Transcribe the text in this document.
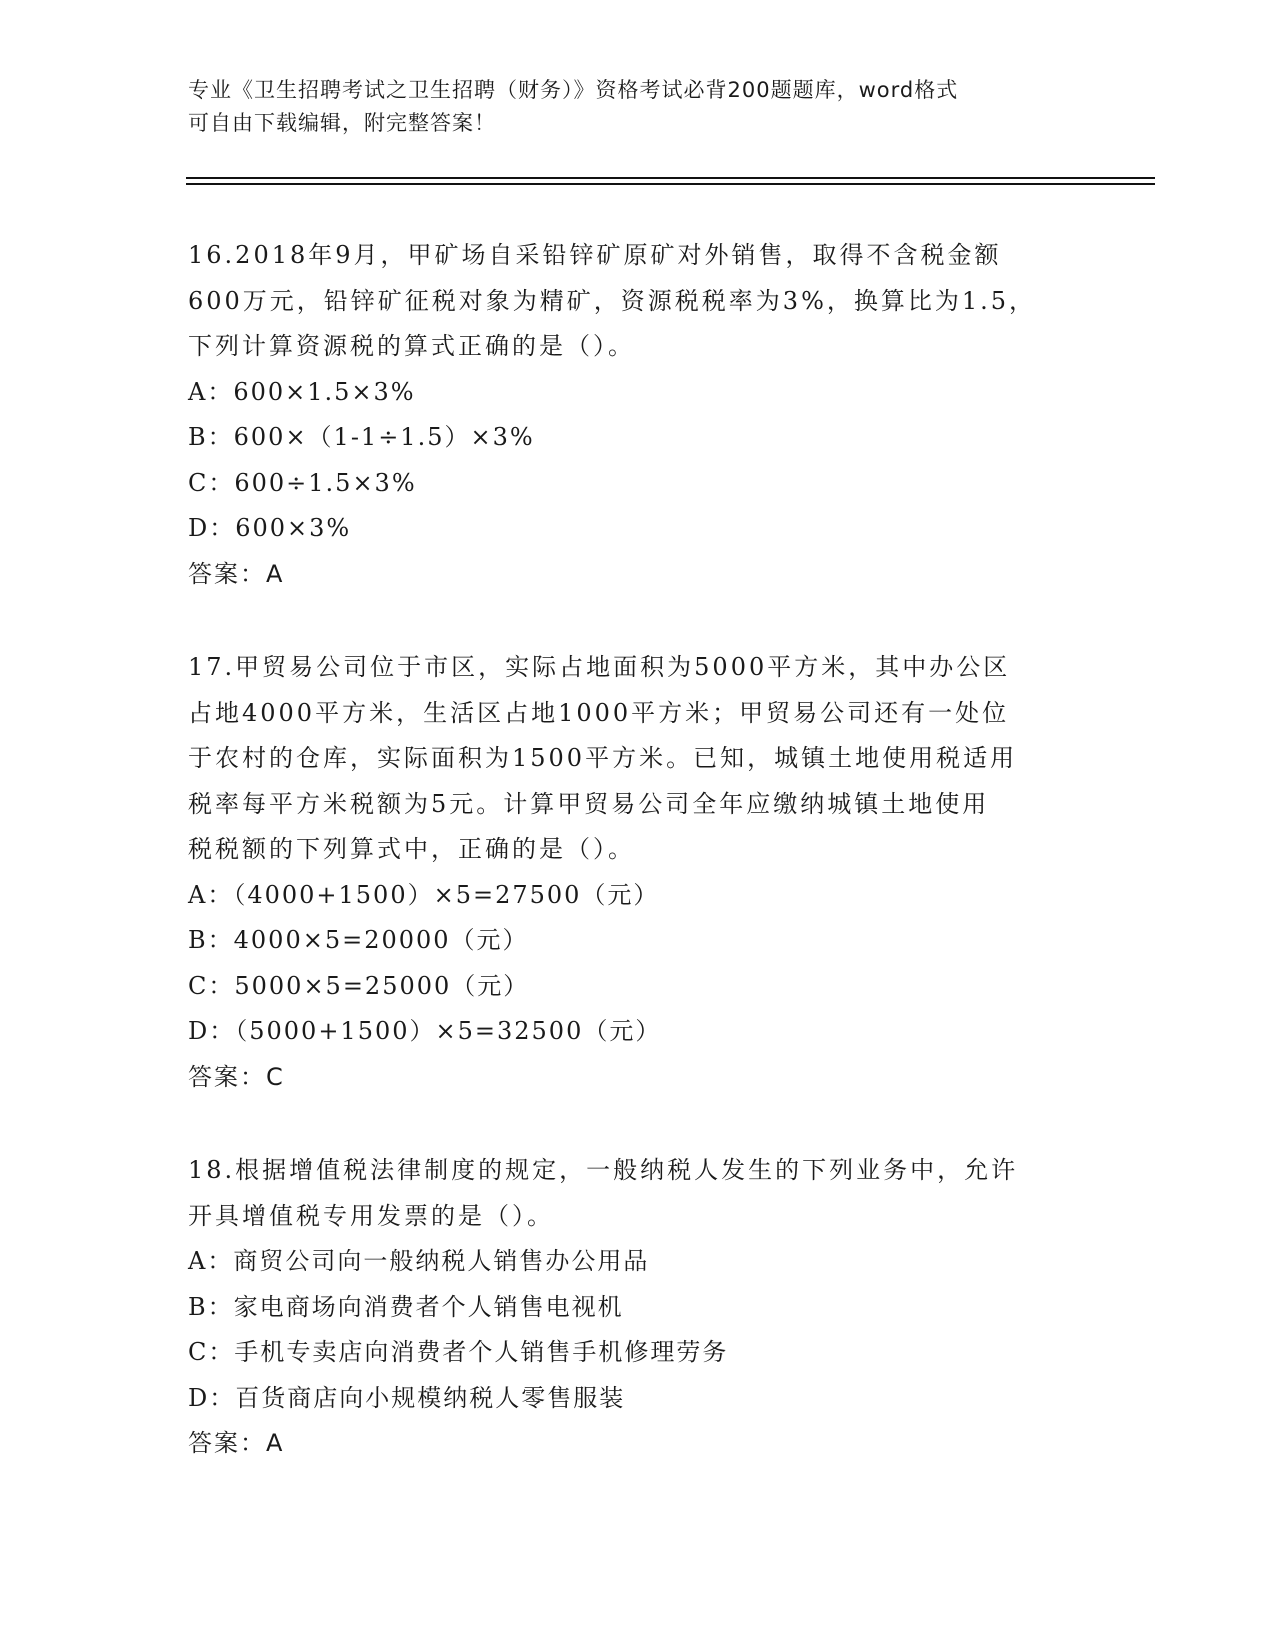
专业《卫生招聘考试之卫生招聘（财务）》资格考试必背200题题库，word格式
可自由下载编辑，附完整答案！
16.2018年9月，甲矿场自采铅锌矿原矿对外销售，取得不含税金额
600万元，铅锌矿征税对象为精矿，资源税税率为3%，换算比为1.5，
下列计算资源税的算式正确的是（）。
A：600×1.5×3%
B：600×（1-1÷1.5）×3%
C：600÷1.5×3%
D：600×3%
答案：A
17.甲贸易公司位于市区，实际占地面积为5000平方米，其中办公区
占地4000平方米，生活区占地1000平方米；甲贸易公司还有一处位
于农村的仓库，实际面积为1500平方米。已知，城镇土地使用税适用
税率每平方米税额为5元。计算甲贸易公司全年应缴纳城镇土地使用
税税额的下列算式中，正确的是（）。
A：（4000+1500）×5=27500（元）
B：4000×5=20000（元）
C：5000×5=25000（元）
D：（5000+1500）×5=32500（元）
答案：C
18.根据增值税法律制度的规定，一般纳税人发生的下列业务中，允许
开具增值税专用发票的是（）。
A：商贸公司向一般纳税人销售办公用品
B：家电商场向消费者个人销售电视机
C：手机专卖店向消费者个人销售手机修理劳务
D：百货商店向小规模纳税人零售服装
答案：A
